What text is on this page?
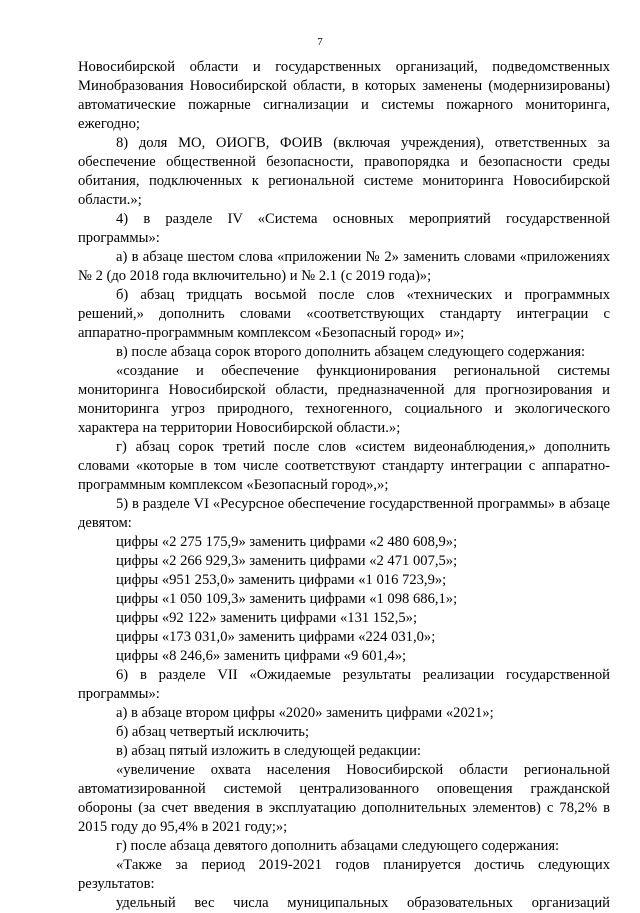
7

Новосибирской области и государственных организаций, подведомственных Минобразования Новосибирской области, в которых заменены (модернизированы) автоматические пожарные сигнализации и системы пожарного мониторинга, ежегодно;

8) доля МО, ОИОГВ, ФОИВ (включая учреждения), ответственных за обеспечение общественной безопасности, правопорядка и безопасности среды обитания, подключенных к региональной системе мониторинга Новосибирской области.»;

4) в разделе IV «Система основных мероприятий государственной программы»:

а) в абзаце шестом слова «приложении № 2» заменить словами «приложениях № 2 (до 2018 года включительно) и № 2.1 (с 2019 года)»;

б) абзац тридцать восьмой после слов «технических и программных решений,» дополнить словами «соответствующих стандарту интеграции с аппаратно-программным комплексом «Безопасный город» и»;

в) после абзаца сорок второго дополнить абзацем следующего содержания:

«создание и обеспечение функционирования региональной системы мониторинга Новосибирской области, предназначенной для прогнозирования и мониторинга угроз природного, техногенного, социального и экологического характера на территории Новосибирской области.»;

г) абзац сорок третий после слов «систем видеонаблюдения,» дополнить словами «которые в том числе соответствуют стандарту интеграции с аппаратно-программным комплексом «Безопасный город»,»;

5) в разделе VI «Ресурсное обеспечение государственной программы» в абзаце девятом:

цифры «2 275 175,9» заменить цифрами «2 480 608,9»;

цифры «2 266 929,3» заменить цифрами «2 471 007,5»;

цифры «951 253,0» заменить цифрами «1 016 723,9»;

цифры «1 050 109,3» заменить цифрами «1 098 686,1»;

цифры «92 122» заменить цифрами «131 152,5»;

цифры «173 031,0» заменить цифрами «224 031,0»;

цифры «8 246,6» заменить цифрами «9 601,4»;

6) в разделе VII «Ожидаемые результаты реализации государственной программы»:

а) в абзаце втором цифры «2020» заменить цифрами «2021»;

б) абзац четвертый исключить;

в) абзац пятый изложить в следующей редакции:

«увеличение охвата населения Новосибирской области региональной автоматизированной системой централизованного оповещения гражданской обороны (за счет введения в эксплуатацию дополнительных элементов) с 78,2% в 2015 году до 95,4% в 2021 году;»;

г) после абзаца девятого дополнить абзацами следующего содержания:

«Также за период 2019-2021 годов планируется достичь следующих результатов:

удельный вес числа муниципальных образовательных организаций
